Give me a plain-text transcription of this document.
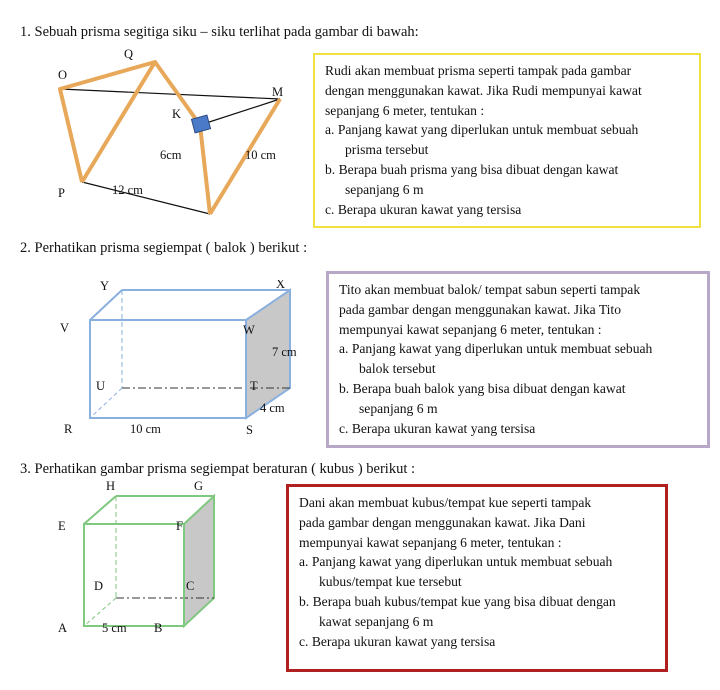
1. Sebuah prisma segitiga siku – siku terlihat pada gambar di bawah:
Q
O
M
K
6cm	10 cm
P	12 cm

Rudi akan membuat prisma seperti tampak pada gambar

dengan menggunakan kawat. Jika Rudi mempunyai kawat

sepanjang 6 meter, tentukan :

a. Panjang kawat yang diperlukan untuk membuat sebuah

prisma tersebut

b. Berapa buah prisma yang bisa dibuat dengan kawat

sepanjang 6 m

c. Berapa ukuran kawat yang tersisa

2. Perhatikan prisma segiempat ( balok ) berikut :
Y	X
V	W
7 cm
U	T
4 cm
R	10 cm	S

Tito akan membuat balok/ tempat sabun seperti tampak

pada gambar dengan menggunakan kawat. Jika Tito

mempunyai kawat sepanjang 6 meter, tentukan :

a. Panjang kawat yang diperlukan untuk membuat sebuah

balok tersebut

b. Berapa buah balok yang bisa dibuat dengan kawat

sepanjang 6 m

c. Berapa ukuran kawat yang tersisa

3. Perhatikan gambar prisma segiempat beraturan ( kubus ) berikut :
H	G
E	F
D	C
A	5 cm B

Dani akan membuat kubus/tempat kue seperti tampak

pada gambar dengan menggunakan kawat. Jika Dani

mempunyai kawat sepanjang 6 meter, tentukan :

a. Panjang kawat yang diperlukan untuk membuat sebuah

kubus/tempat kue tersebut

b. Berapa buah kubus/tempat kue yang bisa dibuat dengan

kawat sepanjang 6 m

c. Berapa ukuran kawat yang tersisa
